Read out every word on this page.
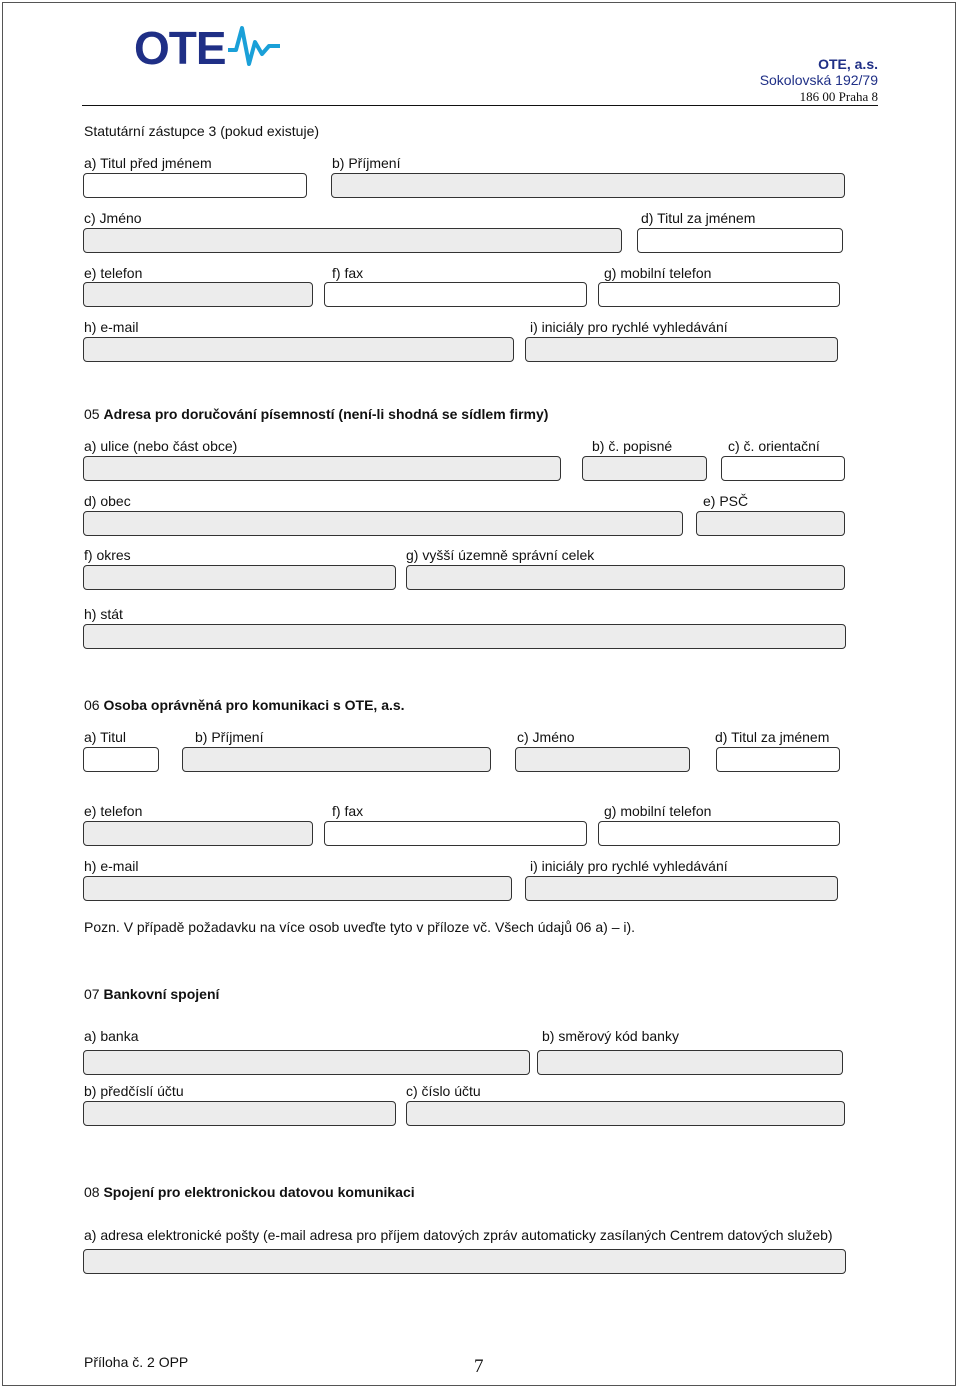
OTE	OTE, a.s.
Sokolovská 192/79
186 00 Praha 8
Statutární zástupce 3 (pokud existuje)
a) Titul před jménem	b) Příjmení
c) Jméno	d) Titul za jménem
e) telefon	f) fax	g) mobilní telefon
h) e-mail	i) iniciály pro rychlé vyhledávání
05 Adresa pro doručování písemností (není-li shodná se sídlem firmy)
a) ulice (nebo část obce)	b) č. popisné	c) č. orientační
d) obec	e) PSČ
f) okres	g) vyšší územně správní celek
h) stát
06 Osoba oprávněná pro komunikaci s OTE, a.s.
a) Titul	b) Příjmení	c) Jméno	d) Titul za jménem
e) telefon	f) fax	g) mobilní telefon
h) e-mail	i) iniciály pro rychlé vyhledávání
Pozn. V případě požadavku na více osob uveďte tyto v příloze vč. Všech údajů 06 a) – i).
07 Bankovní spojení
a) banka	b) směrový kód banky
b) předčíslí účtu	c) číslo účtu
08 Spojení pro elektronickou datovou komunikaci
a) adresa elektronické pošty (e-mail adresa pro příjem datových zpráv automaticky zasílaných Centrem datových služeb)
Příloha č. 2 OPP	7
